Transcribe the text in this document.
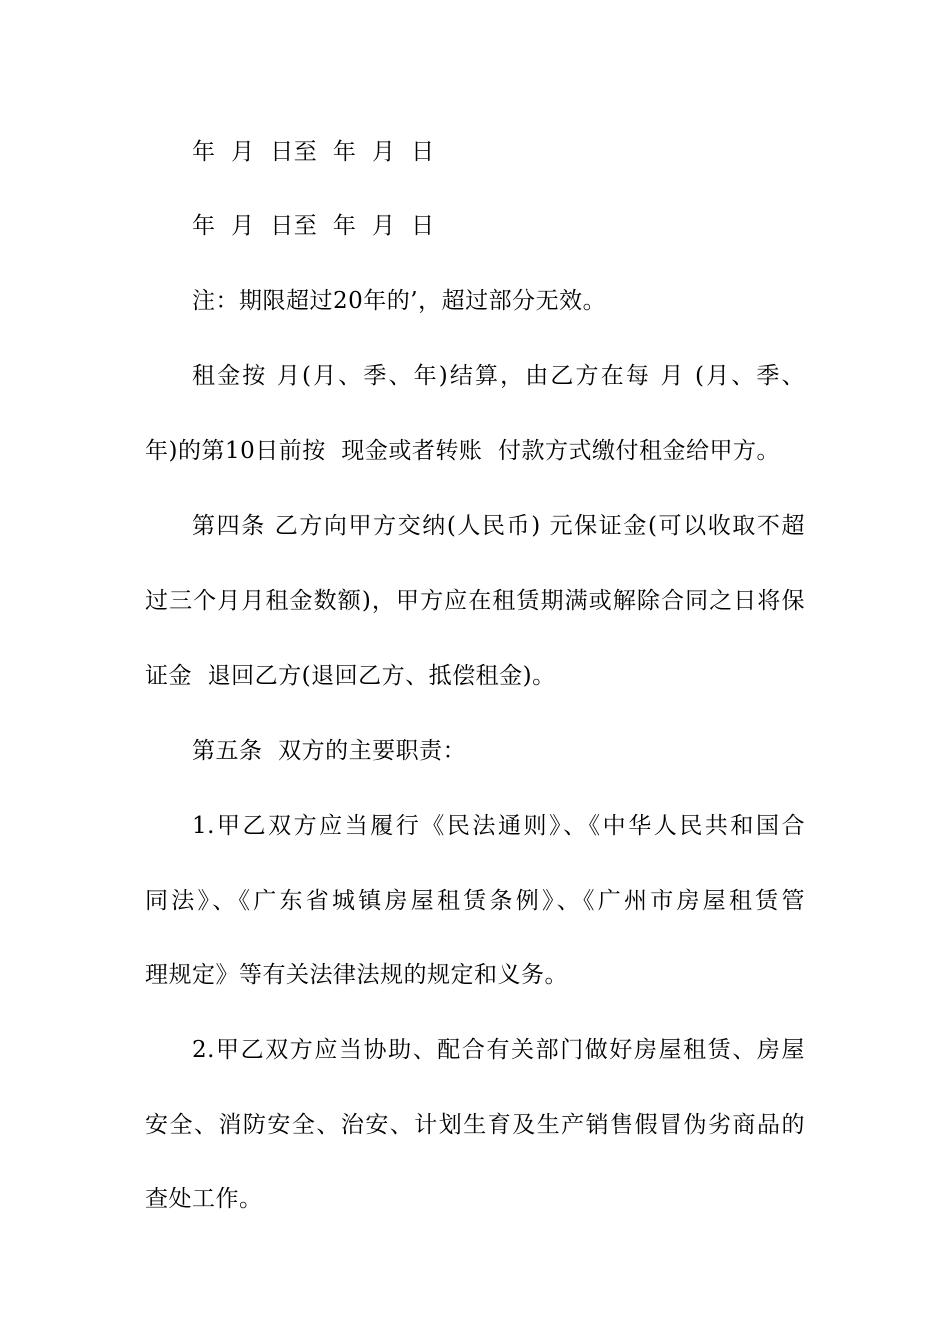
年  月  日至  年  月  日
年  月  日至  年  月  日
注：期限超过20年的’，超过部分无效。
租金按 月(月、季、年)结算，由乙方在每 月 (月、季、
年)的第10日前按  现金或者转账  付款方式缴付租金给甲方。
第四条 乙方向甲方交纳(人民币) 元保证金(可以收取不超
过三个月月租金数额)，甲方应在租赁期满或解除合同之日将保
证金  退回乙方(退回乙方、抵偿租金)。
第五条  双方的主要职责：
1.甲乙双方应当履行《民法通则》、《中华人民共和国合
同法》、《广东省城镇房屋租赁条例》、《广州市房屋租赁管
理规定》等有关法律法规的规定和义务。
2.甲乙双方应当协助、配合有关部门做好房屋租赁、房屋
安全、消防安全、治安、计划生育及生产销售假冒伪劣商品的
查处工作。
